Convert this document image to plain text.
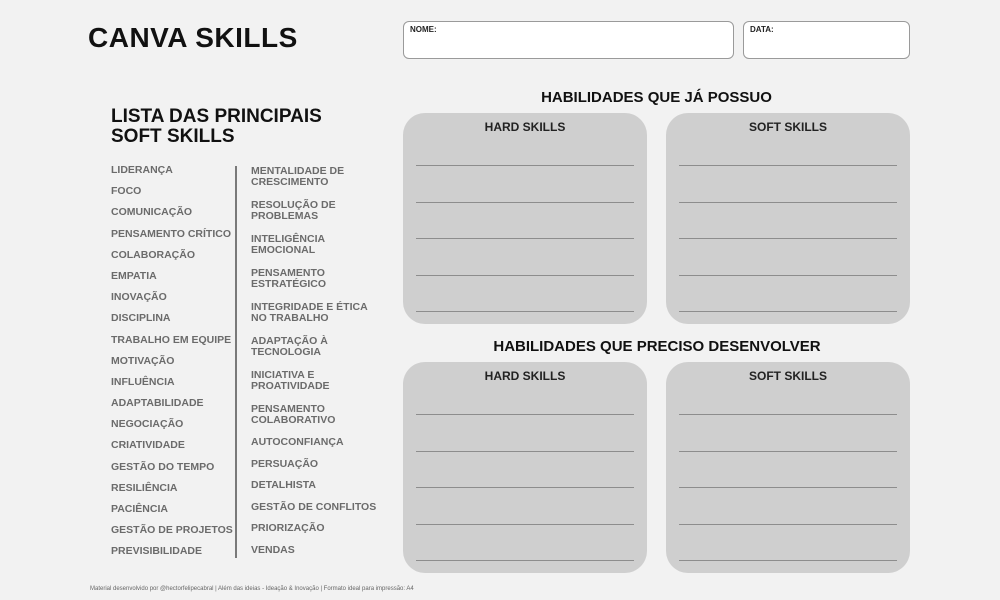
CANVA SKILLS	NOME:	DATA:
LISTA DAS PRINCIPAIS
SOFT SKILLS
LIDERANÇA
FOCO
COMUNICAÇÃO
PENSAMENTO CRÍTICO
COLABORAÇÃO
EMPATIA
INOVAÇÃO
DISCIPLINA
TRABALHO EM EQUIPE
MOTIVAÇÃO
INFLUÊNCIA
ADAPTABILIDADE
NEGOCIAÇÃO
CRIATIVIDADE
GESTÃO DO TEMPO
RESILIÊNCIA
PACIÊNCIA
GESTÃO DE PROJETOS
PREVISIBILIDADE
MENTALIDADE DE
CRESCIMENTO
RESOLUÇÃO DE
PROBLEMAS
INTELIGÊNCIA
EMOCIONAL
PENSAMENTO
ESTRATÉGICO
INTEGRIDADE E ÉTICA
NO TRABALHO
ADAPTAÇÃO À
TECNOLOGIA
INICIATIVA E
PROATIVIDADE
PENSAMENTO
COLABORATIVO
AUTOCONFIANÇA
PERSUAÇÃO
DETALHISTA
GESTÃO DE CONFLITOS
PRIORIZAÇÃO
VENDAS
HABILIDADES QUE JÁ POSSUO
HARD SKILLS	SOFT SKILLS
HABILIDADES QUE PRECISO DESENVOLVER
HARD SKILLS	SOFT SKILLS

Material desenvolvido por @hectorfelipecabral | Além das ideias - Ideação & Inovação | Formato ideal para impressão: A4
